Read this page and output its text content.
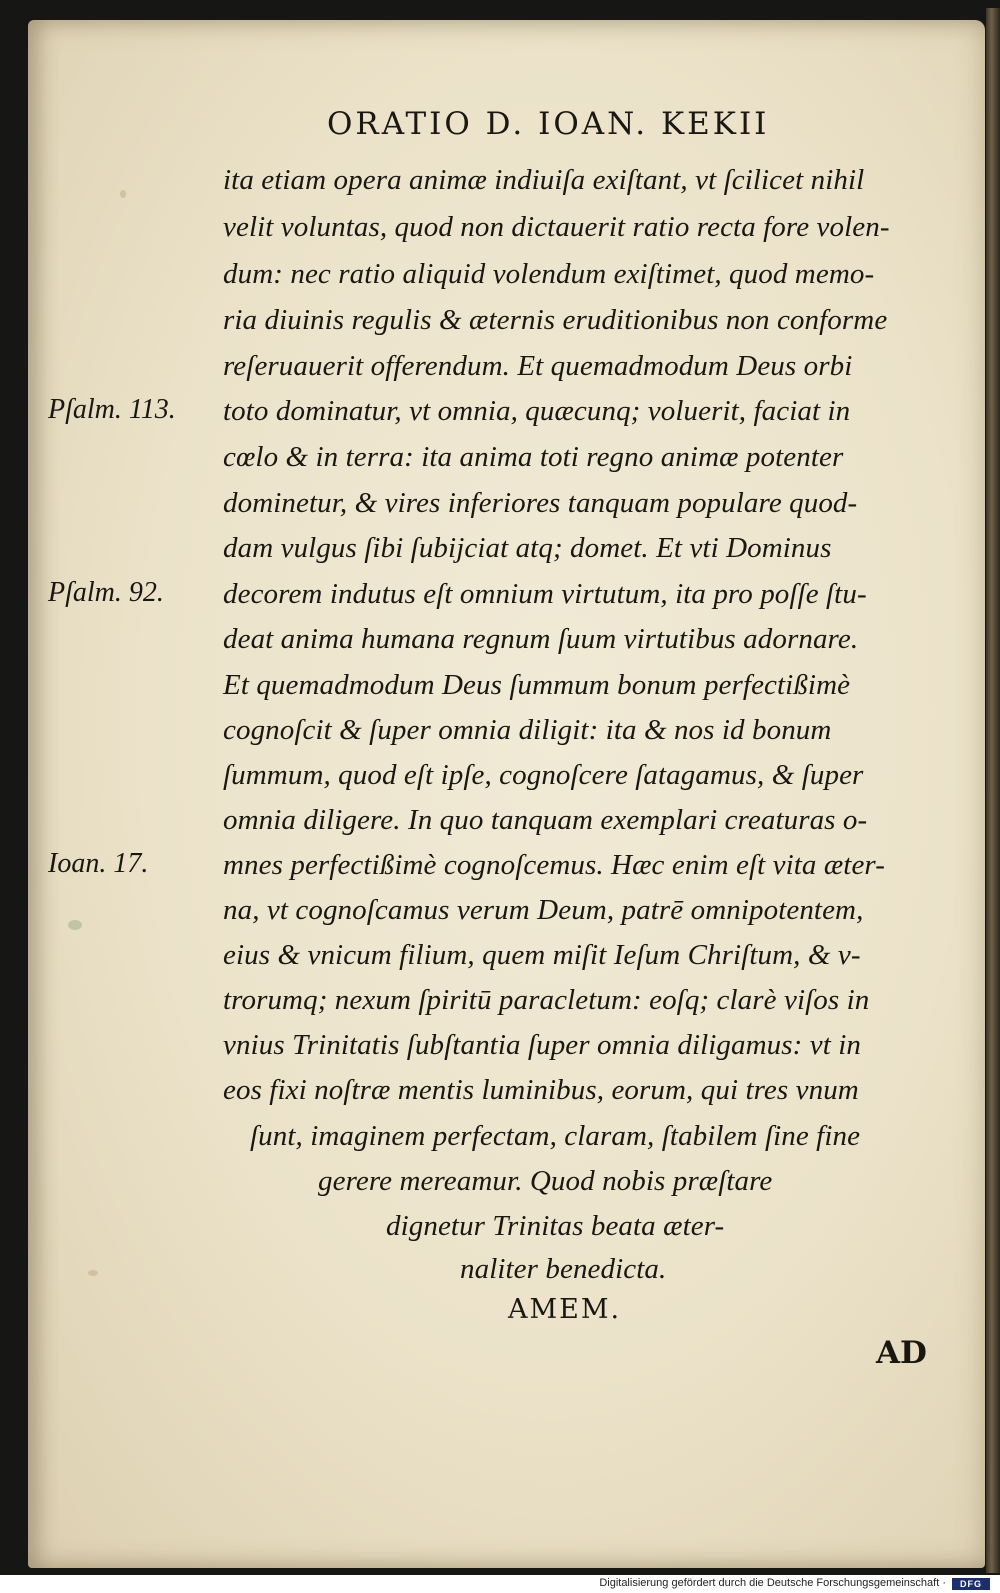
ORATIO D. IOAN. KEKII
ita etiam opera animæ indiuiſa exiſtant, vt ſcilicet nihil
velit voluntas, quod non dictauerit ratio recta fore volen-
dum: nec ratio aliquid volendum exiſtimet, quod memo-
ria diuinis regulis & æternis eruditionibus non conforme
reſeruauerit offerendum. Et quemadmodum Deus orbi
toto dominatur, vt omnia, quæcunq; voluerit, faciat in
cœlo & in terra: ita anima toti regno animæ potenter
dominetur, & vires inferiores tanquam populare quod-
dam vulgus ſibi ſubijciat atq; domet. Et vti Dominus
decorem indutus eſt omnium virtutum, ita pro poſſe ſtu-
deat anima humana regnum ſuum virtutibus adornare.
Et quemadmodum Deus ſummum bonum perfectißimè
cognoſcit & ſuper omnia diligit: ita & nos id bonum
ſummum, quod eſt ipſe, cognoſcere ſatagamus, & ſuper
omnia diligere. In quo tanquam exemplari creaturas o-
mnes perfectißimè cognoſcemus. Hæc enim eſt vita æter-
na, vt cognoſcamus verum Deum, patrē omnipotentem,
eius & vnicum filium, quem miſit Ieſum Chriſtum, & v-
trorumq; nexum ſpiritū paracletum: eoſq; clarè viſos in
vnius Trinitatis ſubſtantia ſuper omnia diligamus: vt in
eos fixi noſtræ mentis luminibus, eorum, qui tres vnum
ſunt, imaginem perfectam, claram, ſtabilem ſine fine
gerere mereamur. Quod nobis præſtare
dignetur Trinitas beata æter-
naliter benedicta.
Pſalm. 113.
Pſalm. 92.
Ioan. 17.
AMEM.
AD
Digitalisierung gefördert durch die Deutsche Forschungsgemeinschaft ·	DFG
